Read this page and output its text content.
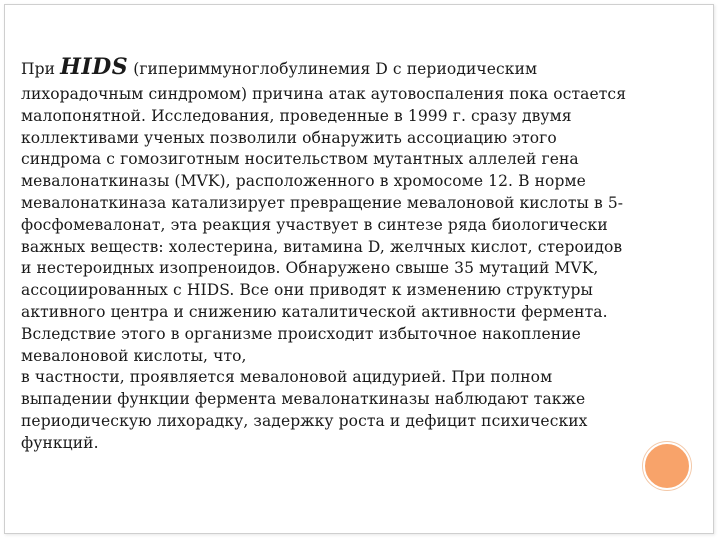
При HIDS (гипериммуноглобулинемия D с периодическим
лихорадочным синдромом) причина атак аутовоспаления пока остается
малопонятной. Исследования, проведенные в 1999 г. сразу двумя
коллективами ученых позволили обнаружить ассоциацию этого
синдрома с гомозиготным носительством мутантных аллелей гена
мевалонаткиназы (MVK), расположенного в хромосоме 12. В норме
мевалонаткиназа катализирует превращение мевалоновой кислоты в 5-
фосфомевалонат, эта реакция участвует в синтезе ряда биологически
важных веществ: холестерина, витамина D, желчных кислот, стероидов
и нестероидных изопреноидов. Обнаружено свыше 35 мутаций MVK,
ассоциированных с HIDS. Все они приводят к изменению структуры
активного центра и снижению каталитической активности фермента.
Вследствие этого в организме происходит избыточное накопление
мевалоновой кислоты, что,
в частности, проявляется мевалоновой ацидурией. При полном
выпадении функции фермента мевалонаткиназы наблюдают также
периодическую лихорадку, задержку роста и дефицит психических
функций.
